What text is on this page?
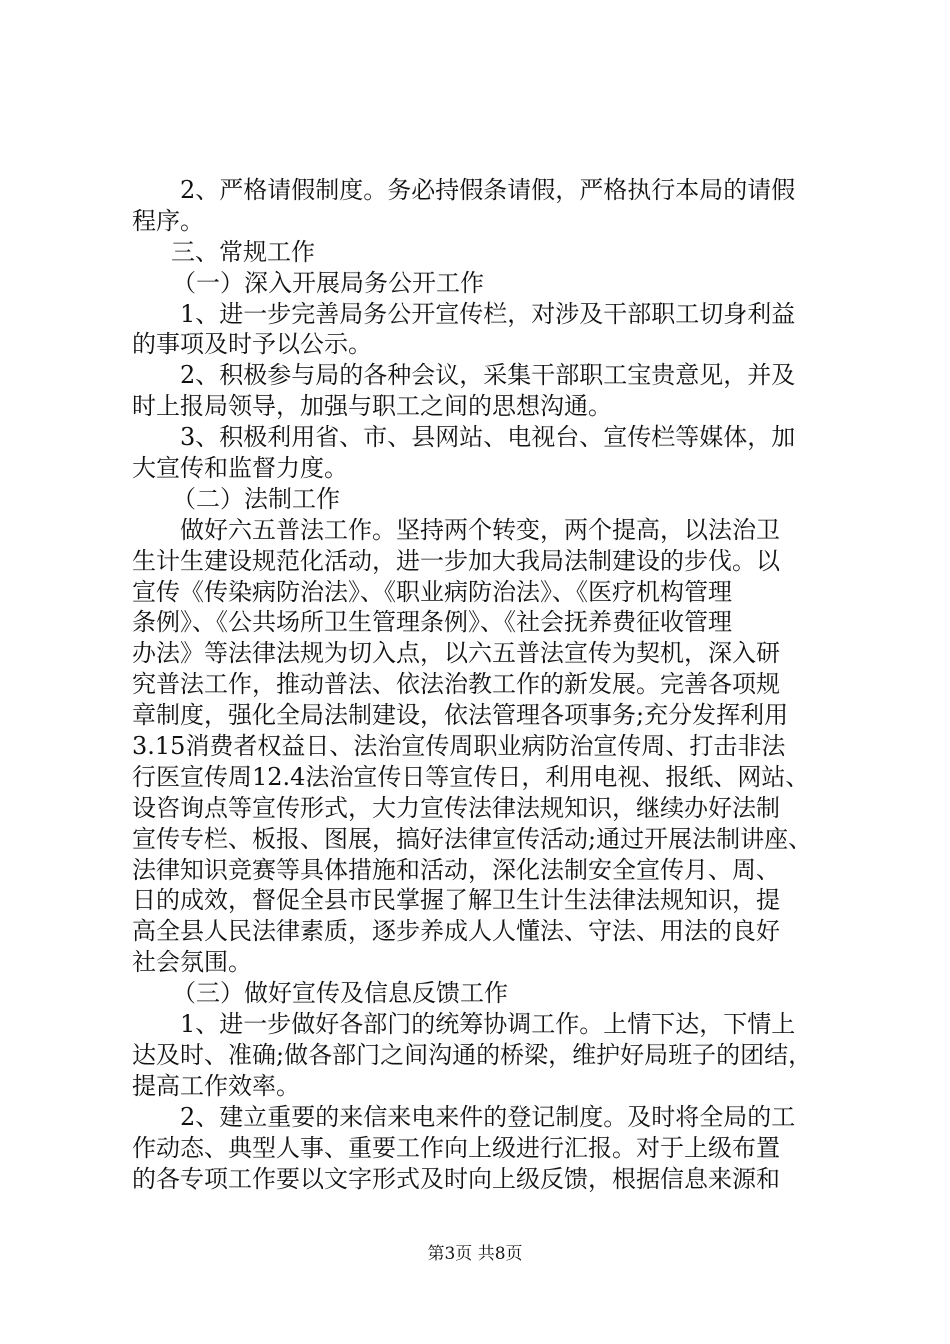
2、严格请假制度。务必持假条请假，严格执行本局的请假
程序。
三、常规工作
（一）深入开展局务公开工作
1、进一步完善局务公开宣传栏，对涉及干部职工切身利益
的事项及时予以公示。
2、积极参与局的各种会议，采集干部职工宝贵意见，并及
时上报局领导，加强与职工之间的思想沟通。
3、积极利用省、市、县网站、电视台、宣传栏等媒体，加
大宣传和监督力度。
（二）法制工作
做好六五普法工作。坚持两个转变，两个提高，以法治卫
生计生建设规范化活动，进一步加大我局法制建设的步伐。以
宣传《传染病防治法》、《职业病防治法》、《医疗机构管理
条例》、《公共场所卫生管理条例》、《社会抚养费征收管理
办法》等法律法规为切入点，以六五普法宣传为契机，深入研
究普法工作，推动普法、依法治教工作的新发展。完善各项规
章制度，强化全局法制建设，依法管理各项事务;充分发挥利用
3.15消费者权益日、法治宣传周职业病防治宣传周、打击非法
行医宣传周12.4法治宣传日等宣传日，利用电视、报纸、网站、
设咨询点等宣传形式，大力宣传法律法规知识，继续办好法制
宣传专栏、板报、图展，搞好法律宣传活动;通过开展法制讲座、
法律知识竞赛等具体措施和活动，深化法制安全宣传月、周、
日的成效，督促全县市民掌握了解卫生计生法律法规知识，提
高全县人民法律素质，逐步养成人人懂法、守法、用法的良好
社会氛围。
（三）做好宣传及信息反馈工作
1、进一步做好各部门的统筹协调工作。上情下达，下情上
达及时、准确;做各部门之间沟通的桥梁，维护好局班子的团结，
提高工作效率。
2、建立重要的来信来电来件的登记制度。及时将全局的工
作动态、典型人事、重要工作向上级进行汇报。对于上级布置
的各专项工作要以文字形式及时向上级反馈，根据信息来源和
第3页 共8页
